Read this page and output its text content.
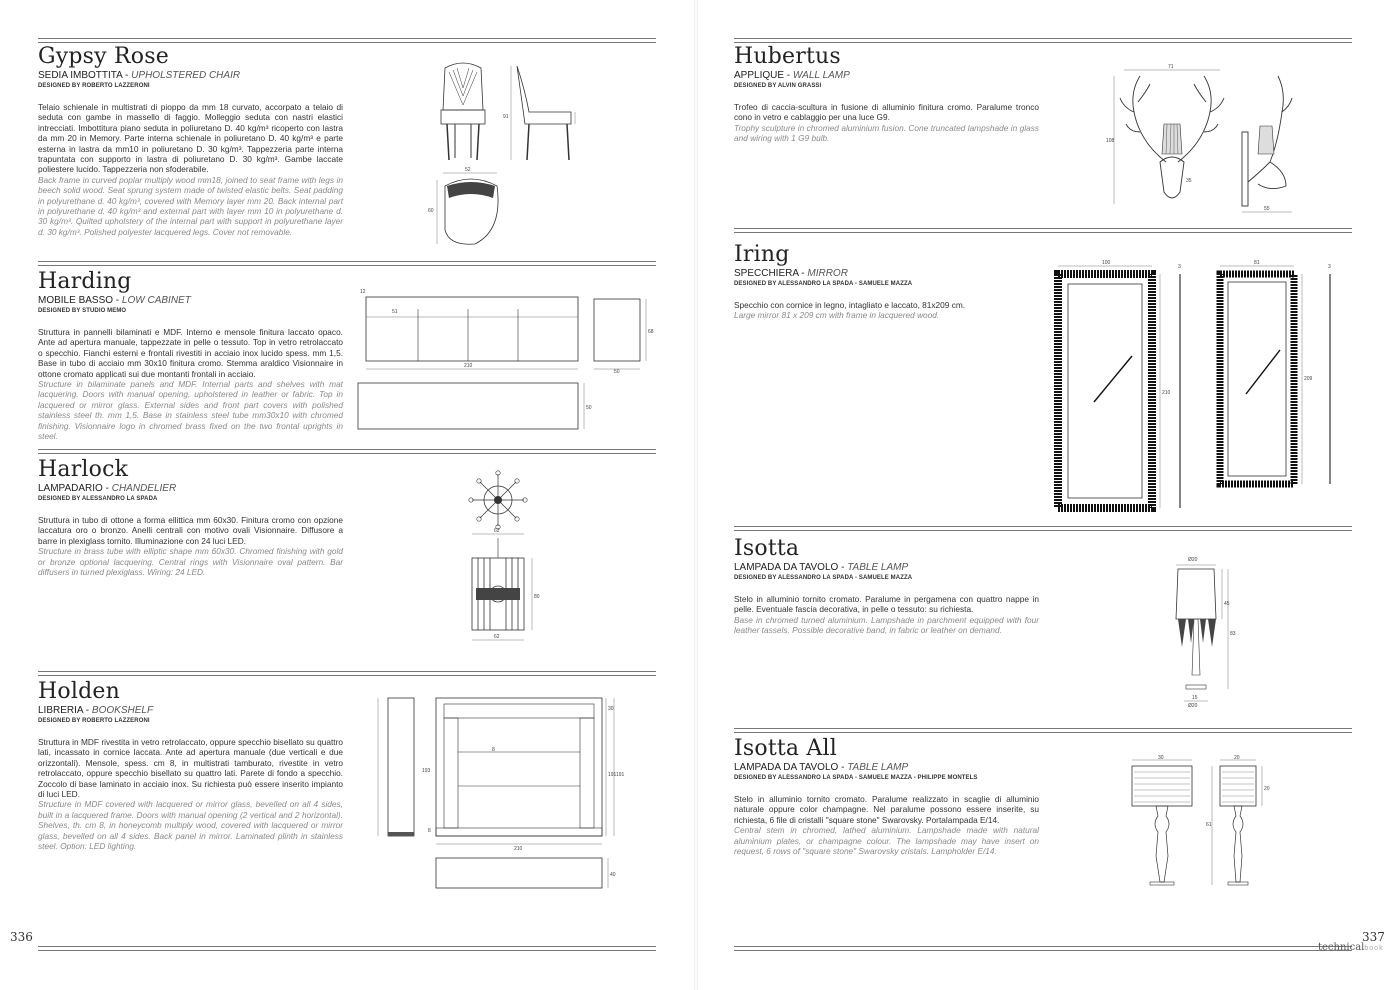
Gypsy Rose
SEDIA IMBOTTITA - UPHOLSTERED CHAIR
DESIGNED BY ROBERTO LAZZERONI
Telaio schienale in multistrati di pioppo da mm 18 curvato, accorpato a telaio di seduta con gambe in massello di faggio. Molleggio seduta con nastri elastici intrecciati. Imbottitura piano seduta in poliuretano D. 40 kg/m³ ricoperto con lastra da mm 20 in Memory. Parte interna schienale in poliuretano D. 40 kg/m³ e parte esterna in lastra da mm10 in poliuretano D. 30 kg/m³. Tappezzeria parte interna trapuntata con supporto in lastra di poliuretano D. 30 kg/m³. Gambe laccate poliestere lucido. Tappezzeria non sfoderabile.
Back frame in curved poplar multiply wood mm18, joined to seat frame with legs in beech solid wood. Seat sprung system made of twisted elastic belts. Seat padding in polyurethane d. 40 kg/m³, covered with Memory layer mm 20. Back internal part in polyurethane d. 40 kg/m³ and external part with layer mm 10 in polyurethane d. 30 kg/m³. Quilted upholstery of the internal part with support in polyurethane layer d. 30 kg/m³. Polished polyester lacquered legs. Cover not removable.
91
52
60
Harding
MOBILE BASSO - LOW CABINET
DESIGNED BY STUDIO MEMO
Struttura in pannelli bilaminati e MDF. Interno e mensole finitura laccato opaco. Ante ad apertura manuale, tappezzate in pelle o tessuto. Top in vetro retrolaccato o specchio. Fianchi esterni e frontali rivestiti in acciaio inox lucido spess. mm 1,5. Base in tubo di acciaio mm 30x10 finitura cromo. Stemma araldico Visionnaire in ottone cromato applicati sui due montanti frontali in acciaio.
Structure in bilaminate panels and MDF. Internal parts and shelves with mat lacquering. Doors with manual opening, upholstered in leather or fabric. Top in lacquered or mirror glass. External sides and front part covers with polished stainless steel th. mm 1,5. Base in stainless steel tube mm30x10 with chromed finishing. Visionnaire logo in chromed brass fixed on the two frontal uprights in steel.
12
51
210
68
50
50
Harlock
LAMPADARIO - CHANDELIER
DESIGNED BY ALESSANDRO LA SPADA
Struttura in tubo di ottone a forma ellittica mm 60x30. Finitura cromo con opzione laccatura oro o bronzo. Anelli centrali con motivo ovali Visionnaire. Diffusore a barre in plexiglass tornito. Illuminazione con 24 luci LED.
Structure in brass tube with elliptic shape mm 60x30. Chromed finishing with gold or bronze optional lacquering. Central rings with Visionnaire oval pattern. Bar diffusers in turned plexiglass. Wiring: 24 LED.
62
80
62
Holden
LIBRERIA - BOOKSHELF
DESIGNED BY ROBERTO LAZZERONI
Struttura in MDF rivestita in vetro retrolaccato, oppure specchio bisellato su quattro lati, incassato in cornice laccata. Ante ad apertura manuale (due verticali e due orizzontali). Mensole, spess. cm 8, in multistrati tamburato, rivestite in vetro retrolaccato, oppure specchio bisellato su quattro lati. Parete di fondo a specchio. Zoccolo di base laminato in acciaio inox. Su richiesta può essere inserito impianto di luci LED.
Structure in MDF covered with lacquered or mirror glass, bevelled on all 4 sides, built in a lacquered frame. Doors with manual opening (2 vertical and 2 horizontal). Shelves, th. cm 8, in honeycomb multiply wood, covered with lacquered or mirror glass, bevelled on all 4 sides. Back panel in mirror. Laminated plinth in stainless steel. Option: LED lighting.
8
8
30
191 191
193
210
40
336
Hubertus
APPLIQUE - WALL LAMP
DESIGNED BY ALVIN GRASSI
Trofeo di caccia-scultura in fusione di alluminio finitura cromo. Paralume tronco cono in vetro e cablaggio per una luce G9.
Trophy sculpture in chromed aluminium fusion. Cone truncated lampshade in glass and wiring with 1 G9 bulb.
71
108
35
55
Iring
SPECCHIERA - MIRROR
DESIGNED BY ALESSANDRO LA SPADA - SAMUELE MAZZA
Specchio con cornice in legno, intagliato e laccato, 81x209 cm.
Large mirror 81 x 209 cm with frame in lacquered wood.
100
210
3
81
209
3
Isotta
LAMPADA DA TAVOLO - TABLE LAMP
DESIGNED BY ALESSANDRO LA SPADA - SAMUELE MAZZA
Stelo in alluminio tornito cromato. Paralume in pergamena con quattro nappe in pelle. Eventuale fascia decorativa, in pelle o tessuto: su richiesta.
Base in chromed turned aluminium. Lampshade in parchment equipped with four leather tassels. Possible decorative band, in fabric or leather on demand.
Ø20
45
83
15
Ø20
Isotta All
LAMPADA DA TAVOLO - TABLE LAMP
DESIGNED BY ALESSANDRO LA SPADA - SAMUELE MAZZA - PHILIPPE MONTELS
Stelo in alluminio tornito cromato. Paralume realizzato in scaglie di alluminio naturale oppure color champagne. Nel paralume possono essere inserite, su richiesta, 6 file di cristalli "square stone" Swarovsky. Portalampada E/14.
Central stem in chromed, lathed aluminium. Lampshade made with natural aluminium plates, or champagne colour. The lampshade may have insert on request, 6 rows of "square stone" Swarovsky cristals. Lampholder E/14.
30	20
20
61
technicalbook
337
